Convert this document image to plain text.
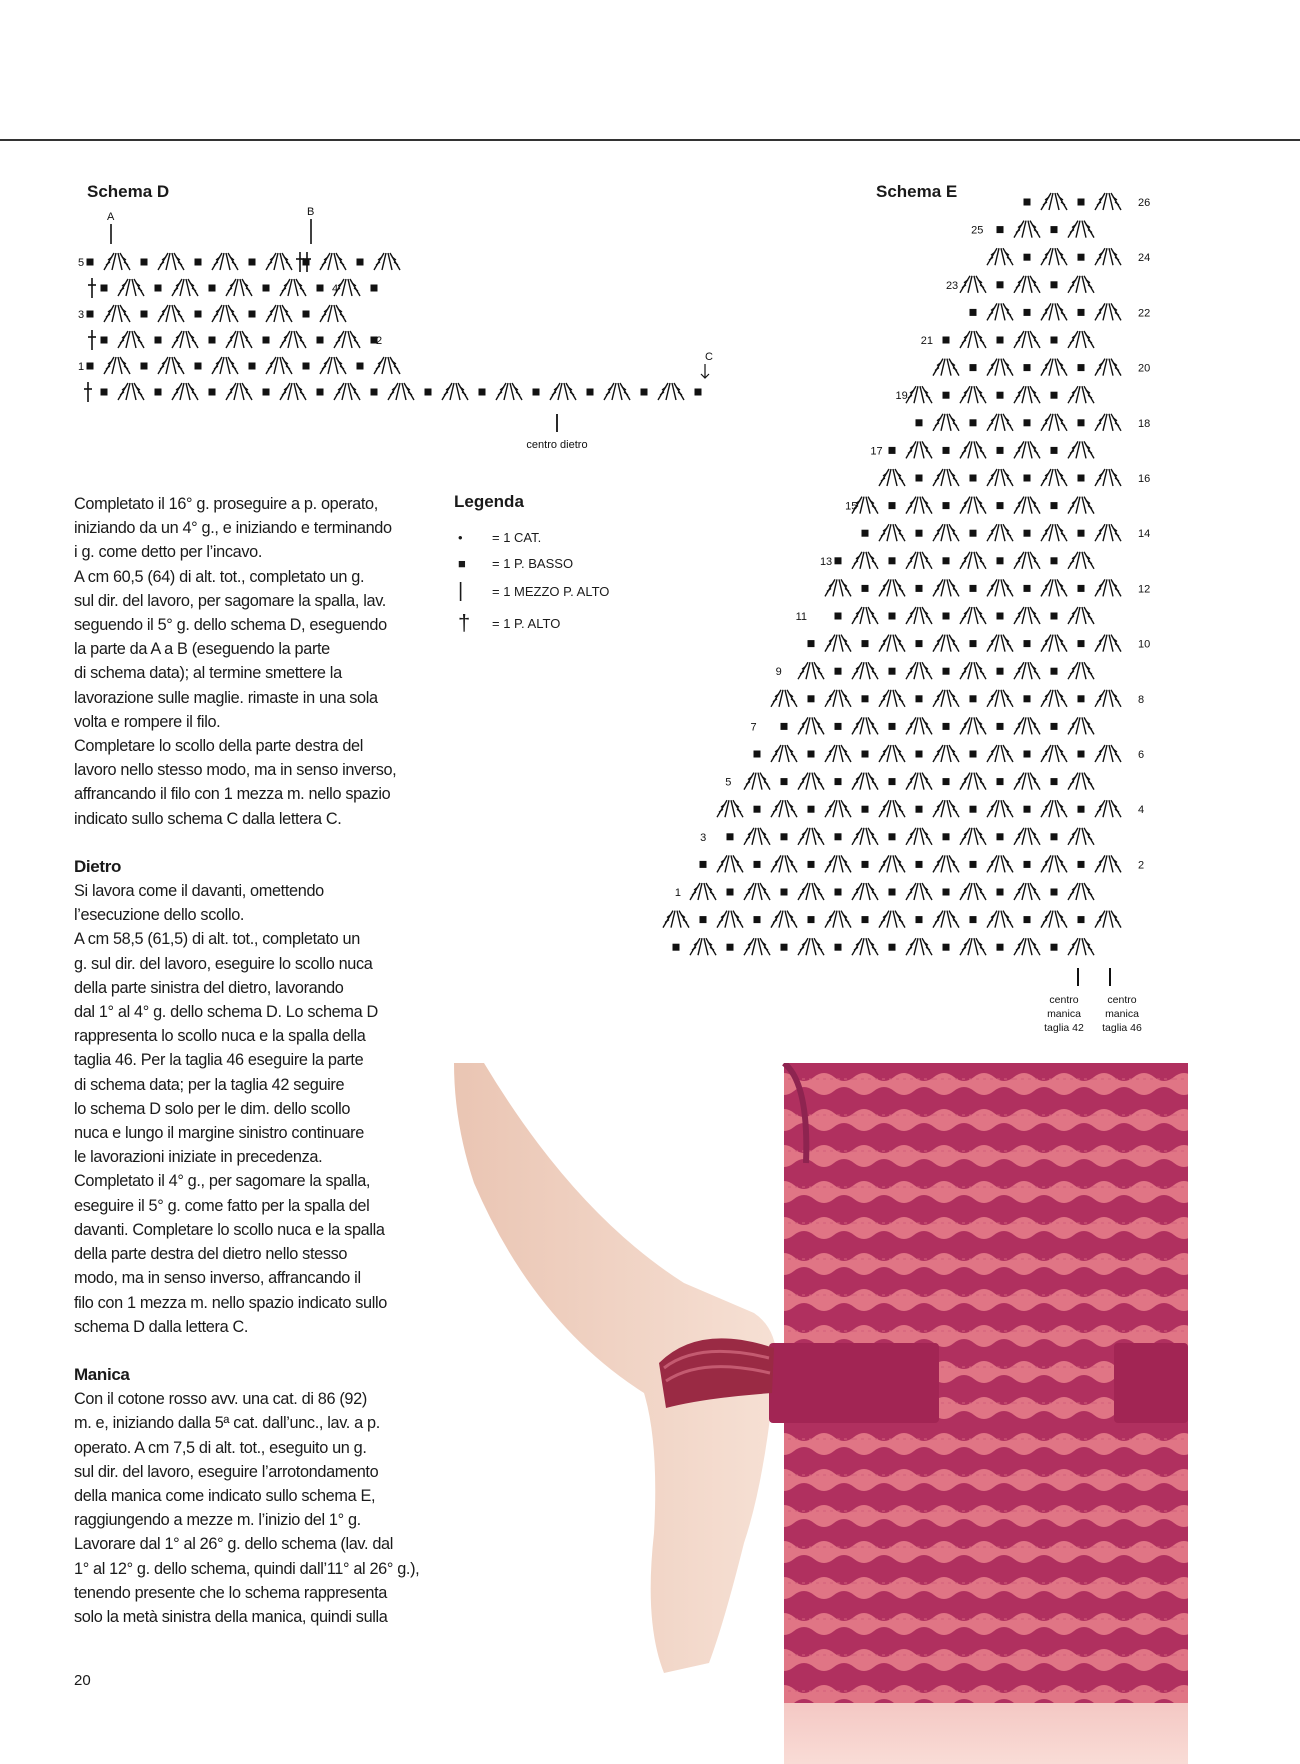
Schema D
5
4
3
2
1
A	B
C
centro dietro
Schema E
26
25
24
23
22
21
20
19
18
17
16
15
14
13
12
11
10
9
8
7
6
5
4
3
2
1
centro
manica
taglia 42
centro
manica
taglia 46

Completato il 16° g. proseguire a p. operato,

iniziando da un 4° g., e iniziando e terminando

i g. come detto per l’incavo.

A cm 60,5 (64) di alt. tot., completato un g.

sul dir. del lavoro, per sagomare la spalla, lav.

seguendo il 5° g. dello schema D, eseguendo

la parte da A a B (eseguendo la parte

di schema data); al termine smettere la

lavorazione sulle maglie. rimaste in una sola

volta e rompere il filo.

Completare lo scollo della parte destra del

lavoro nello stesso modo, ma in senso inverso,

affrancando il filo con 1 mezza m. nello spazio

indicato sullo schema C dalla lettera C.

Dietro

Si lavora come il davanti, omettendo

l’esecuzione dello scollo.

A cm 58,5 (61,5) di alt. tot., completato un

g. sul dir. del lavoro, eseguire lo scollo nuca

della parte sinistra del dietro, lavorando

dal 1° al 4° g. dello schema D. Lo schema D

rappresenta lo scollo nuca e la spalla della

taglia 46. Per la taglia 46 eseguire la parte

di schema data; per la taglia 42 seguire

lo schema D solo per le dim. dello scollo

nuca e lungo il margine sinistro continuare

le lavorazioni iniziate in precedenza.

Completato il 4° g., per sagomare la spalla,

eseguire il 5° g. come fatto per la spalla del

davanti. Completare lo scollo nuca e la spalla

della parte destra del dietro nello stesso

modo, ma in senso inverso, affrancando il

filo con 1 mezza m. nello spazio indicato sullo

schema D dalla lettera C.

Manica

Con il cotone rosso avv. una cat. di 86 (92)

m. e, iniziando dalla 5ª cat. dall’unc., lav. a p.

operato. A cm 7,5 di alt. tot., eseguito un g.

sul dir. del lavoro, eseguire l’arrotondamento

della manica come indicato sullo schema E,

raggiungendo a mezze m. l’inizio del 1° g.

Lavorare dal 1° al 26° g. dello schema (lav. dal

1° al 12° g. dello schema, quindi dall’11° al 26° g.),

tenendo presente che lo schema rappresenta

solo la metà sinistra della manica, quindi sulla

Legenda
•	= 1 CAT.
■	= 1 P. BASSO
|	= 1 MEZZO P. ALTO
†	= 1 P. ALTO
20
